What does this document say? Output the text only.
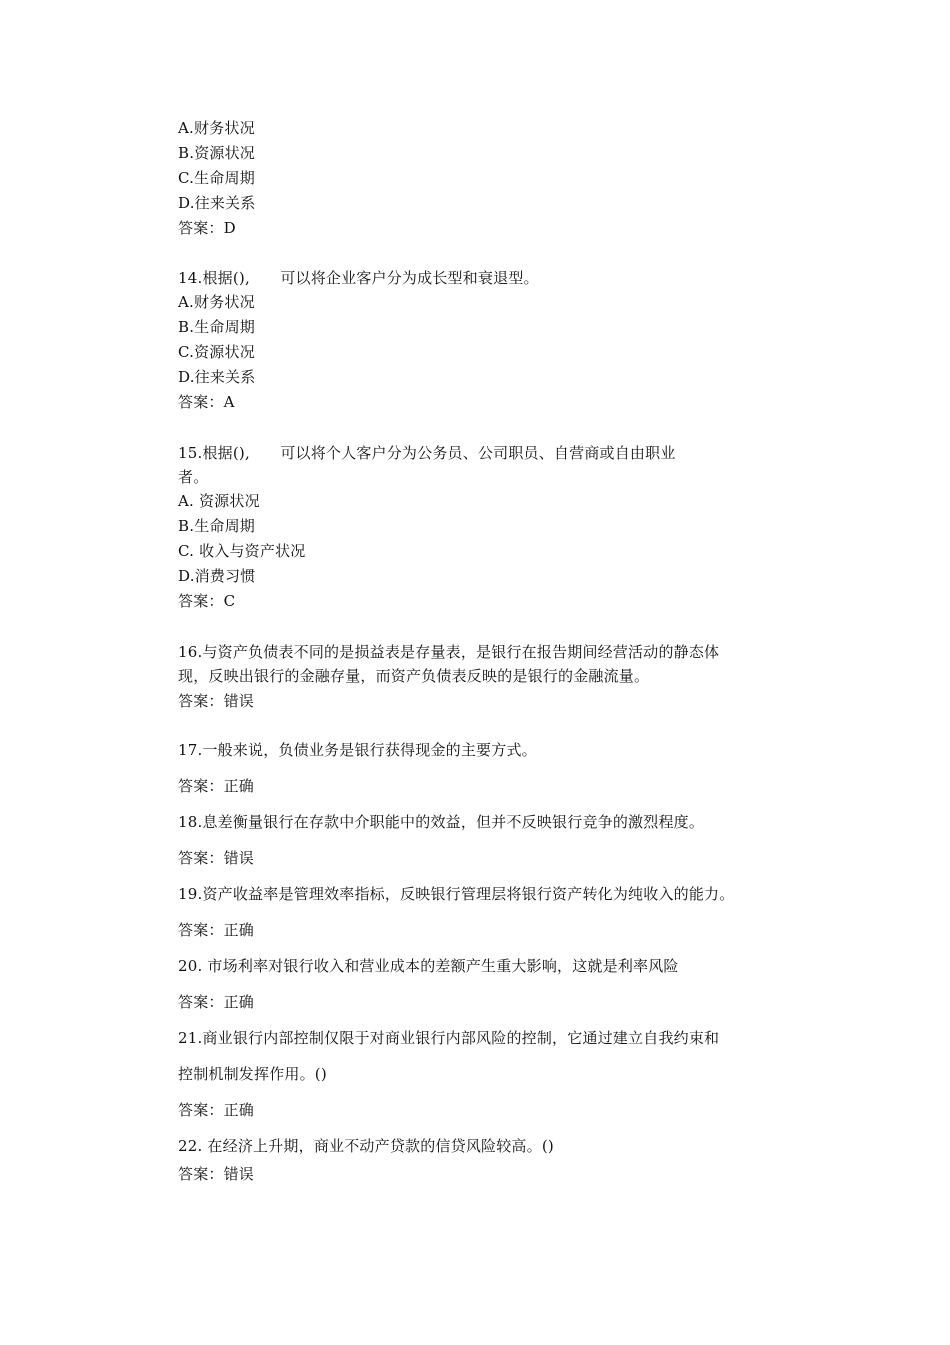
A.财务状况
B.资源状况
C.生命周期
D.往来关系
答案：D
14.根据(),　　可以将企业客户分为成长型和衰退型。
A.财务状况
B.生命周期
C.资源状况
D.往来关系
答案：A
15.根据(),　　可以将个人客户分为公务员、公司职员、自营商或自由职业
者。
A. 资源状况
B.生命周期
C. 收入与资产状况
D.消费习惯
答案：C
16.与资产负债表不同的是损益表是存量表，是银行在报告期间经营活动的静态体
现，反映出银行的金融存量，而资产负债表反映的是银行的金融流量。
答案：错误
17.一般来说，负债业务是银行获得现金的主要方式。
答案：正确
18.息差衡量银行在存款中介职能中的效益，但并不反映银行竞争的激烈程度。
答案：错误
19.资产收益率是管理效率指标，反映银行管理层将银行资产转化为纯收入的能力。
答案：正确
20. 市场利率对银行收入和营业成本的差额产生重大影响，这就是利率风险
答案：正确
21.商业银行内部控制仅限于对商业银行内部风险的控制，它通过建立自我约束和
控制机制发挥作用。()
答案：正确
22. 在经济上升期，商业不动产贷款的信贷风险较高。()
答案：错误
